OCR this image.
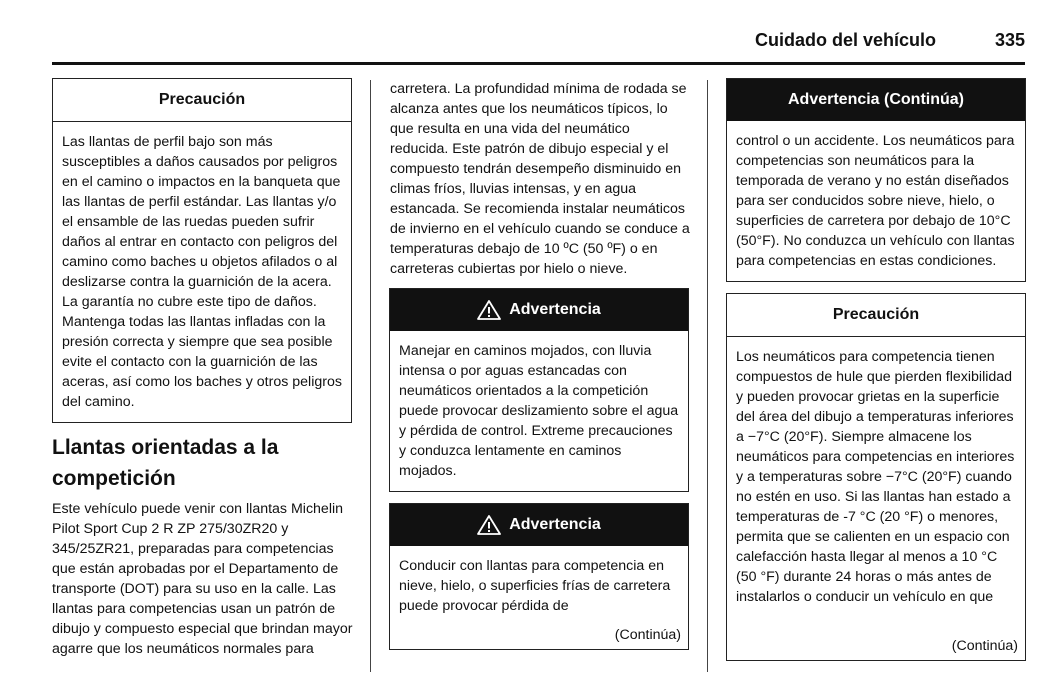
Cuidado del vehículo	335
Precaución
Las llantas de perfil bajo son más susceptibles a daños causados por peligros en el camino o impactos en la banqueta que las llantas de perfil estándar. Las llantas y/o el ensamble de las ruedas pueden sufrir daños al entrar en contacto con peligros del camino como baches u objetos afilados o al deslizarse contra la guarnición de la acera. La garantía no cubre este tipo de daños. Mantenga todas las llantas infladas con la presión correcta y siempre que sea posible evite el contacto con la guarnición de las aceras, así como los baches y otros peligros del camino.
Llantas orientadas a la competición
Este vehículo puede venir con llantas Michelin Pilot Sport Cup 2 R ZP 275/30ZR20 y 345/25ZR21, preparadas para competencias que están aprobadas por el Departamento de transporte (DOT) para su uso en la calle. Las llantas para competencias usan un patrón de dibujo y compuesto especial que brindan mayor agarre que los neumáticos normales para
carretera. La profundidad mínima de rodada se alcanza antes que los neumáticos típicos, lo que resulta en una vida del neumático reducida. Este patrón de dibujo especial y el compuesto tendrán desempeño disminuido en climas fríos, lluvias intensas, y en agua estancada. Se recomienda instalar neumáticos de invierno en el vehículo cuando se conduce a temperaturas debajo de 10 ºC (50 ºF) o en carreteras cubiertas por hielo o nieve.
Advertencia
Manejar en caminos mojados, con lluvia intensa o por aguas estancadas con neumáticos orientados a la competición puede provocar deslizamiento sobre el agua y pérdida de control. Extreme precauciones y conduzca lentamente en caminos mojados.
Advertencia
Conducir con llantas para competencia en nieve, hielo, o superficies frías de carretera puede provocar pérdida de
(Continúa)
Advertencia (Continúa)
control o un accidente. Los neumáticos para competencias son neumáticos para la temporada de verano y no están diseñados para ser conducidos sobre nieve, hielo, o superficies de carretera por debajo de 10°C (50°F). No conduzca un vehículo con llantas para competencias en estas condiciones.
Precaución
Los neumáticos para competencia tienen compuestos de hule que pierden flexibilidad y pueden provocar grietas en la superficie del área del dibujo a temperaturas inferiores a −7°C (20°F). Siempre almacene los neumáticos para competencias en interiores y a temperaturas sobre −7°C (20°F) cuando no estén en uso. Si las llantas han estado a temperaturas de -7 °C (20 °F) o menores, permita que se calienten en un espacio con calefacción hasta llegar al menos a 10 °C (50 °F) durante 24 horas o más antes de instalarlos o conducir un vehículo en que
(Continúa)
